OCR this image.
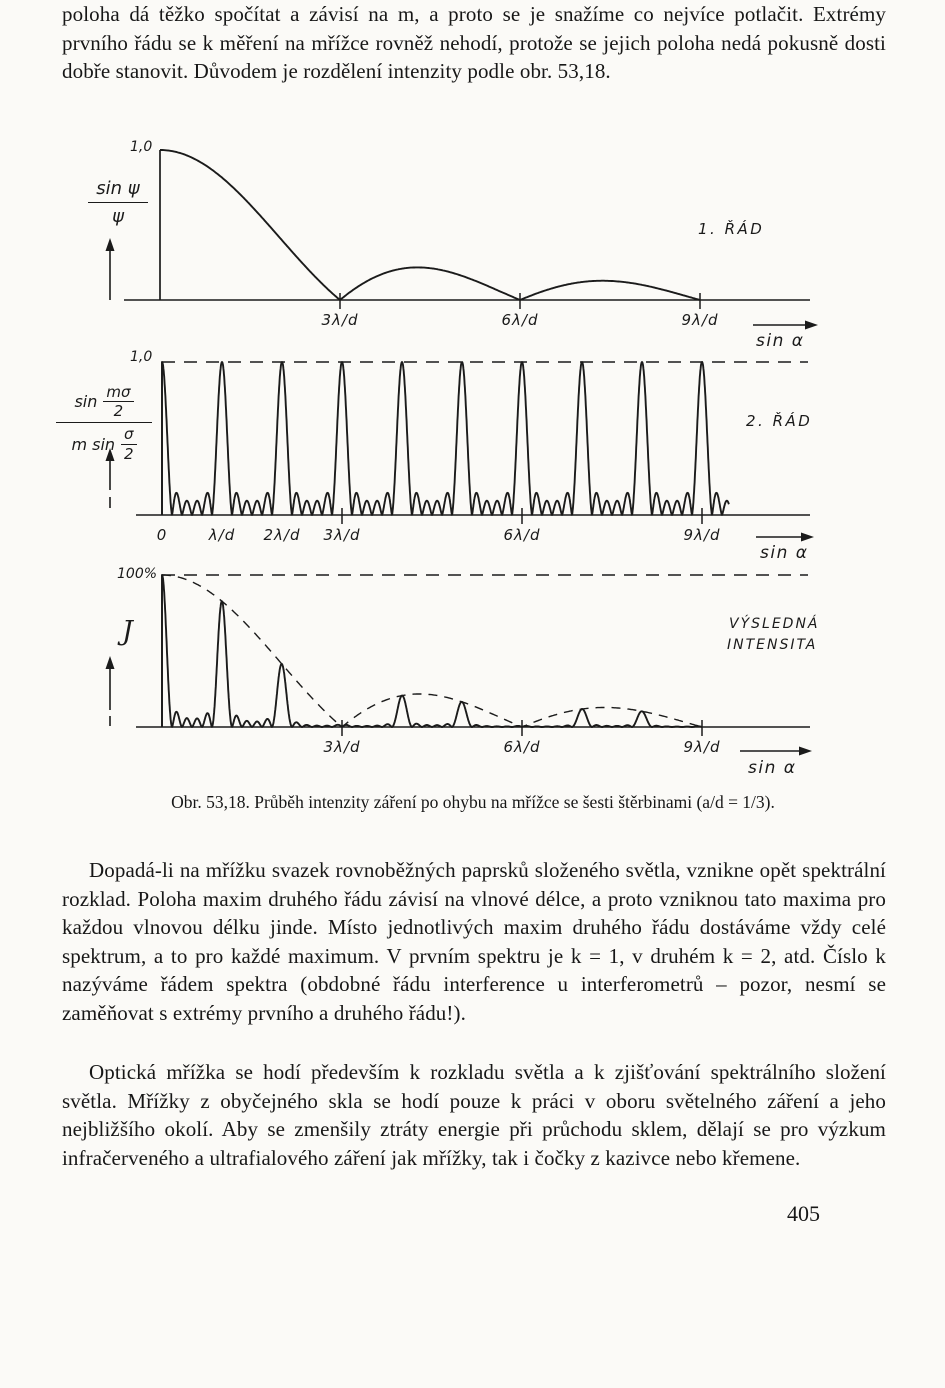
poloha dá těžko spočítat a závisí na m, a proto se je snažíme co nejvíce potlačit. Extrémy prvního řádu se k měření na mřížce rovněž nehodí, protože se jejich poloha nedá pokusně dosti dobře stanovit. Důvodem je rozdělení intenzity podle obr. 53,18.

1,0
sin ψ
ψ
1. ŘÁD
sin α
1,0
sin
mσ
2
m sin
σ
2
2. ŘÁD
sin α
100%
J	VÝSLEDNÁ
INTENSITA
sin α
3λ/d	6λ/d	9λ/d
0	λ/d 2λ/d 3λ/d	6λ/d	9λ/d
3λ/d	6λ/d	9λ/d

Obr. 53,18. Průběh intenzity záření po ohybu na mřížce se šesti štěrbinami (a/d = 1/3).

Dopadá-li na mřížku svazek rovnoběžných paprsků složeného světla, vznikne opět spektrální rozklad. Poloha maxim druhého řádu závisí na vlnové délce, a proto vzniknou tato maxima pro každou vlnovou délku jinde. Místo jednotlivých maxim druhého řádu dostáváme vždy celé spektrum, a to pro každé maximum. V prvním spektru je k = 1, v druhém k = 2, atd. Číslo k nazýváme řádem spektra (obdobné řádu interference u interferometrů – pozor, nesmí se zaměňovat s extrémy prvního a druhého řádu!).

Optická mřížka se hodí především k rozkladu světla a k zjišťování spektrálního složení světla. Mřížky z obyčejného skla se hodí pouze k práci v oboru světelného záření a jeho nejbližšího okolí. Aby se zmenšily ztráty energie při průchodu sklem, dělají se pro výzkum infračerveného a ultrafialového záření jak mřížky, tak i čočky z kazivce nebo křemene.

405
